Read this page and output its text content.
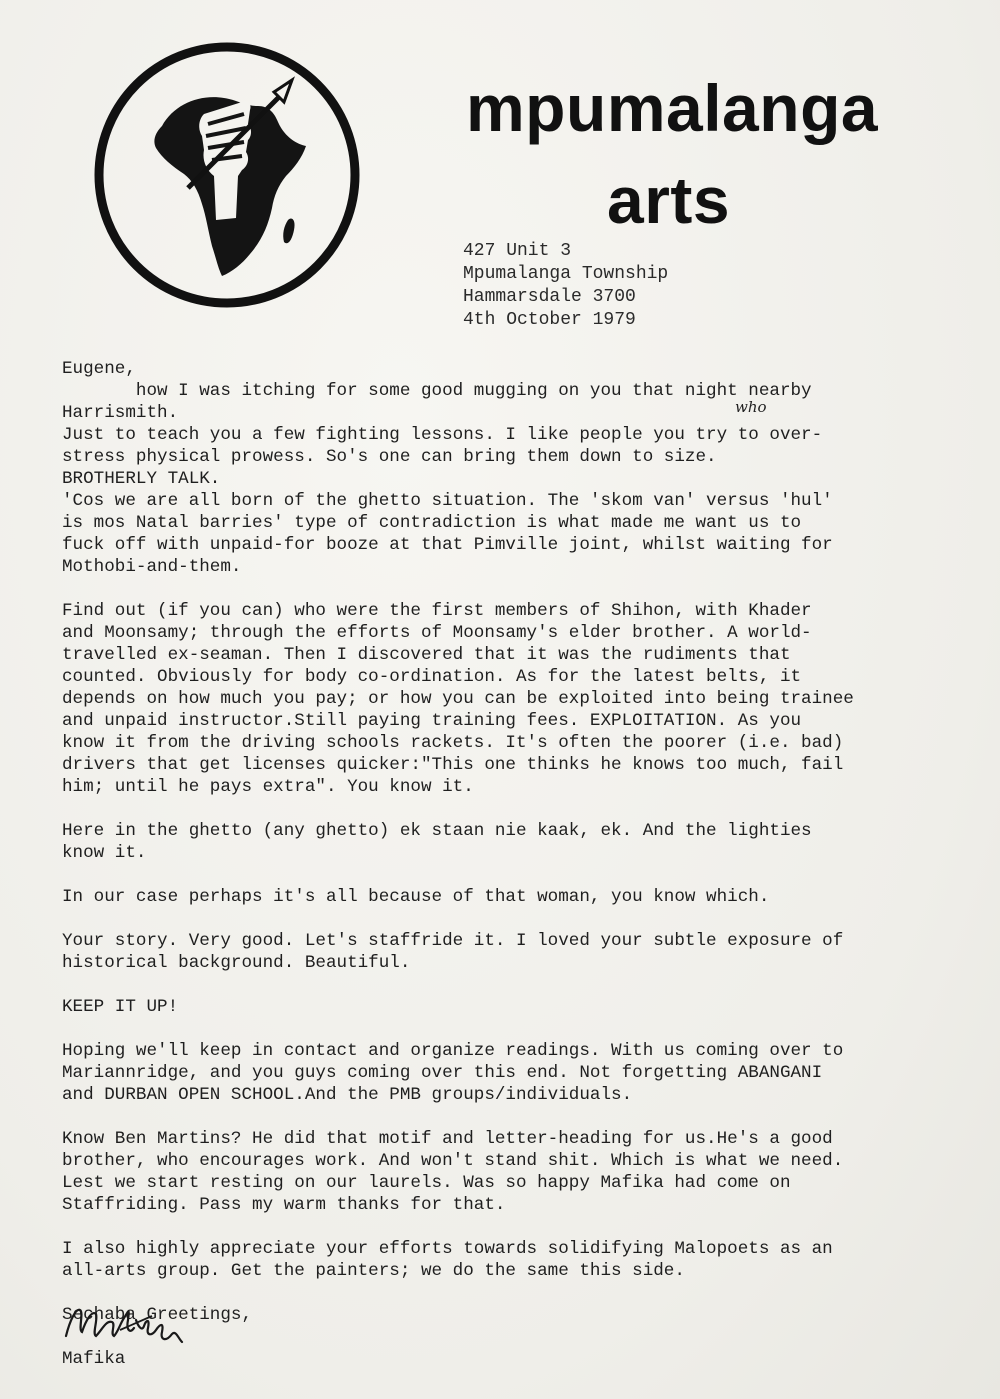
mpumalanga
arts
427 Unit 3
Mpumalanga Township
Hammarsdale 3700
4th October 1979
who

Eugene,

how I was itching for some good mugging on you that night nearby
Harrismith.
Just to teach you a few fighting lessons. I like people you try to over-
stress physical prowess. So's one can bring them down to size.
BROTHERLY TALK.
'Cos we are all born of the ghetto situation. The 'skom van' versus 'hul'
is mos Natal barries' type of contradiction is what made me want us to
fuck off with unpaid-for booze at that Pimville joint, whilst waiting for
Mothobi-and-them.

Find out (if you can) who were the first members of Shihon, with Khader
and Moonsamy; through the efforts of Moonsamy's elder brother. A world-
travelled ex-seaman. Then I discovered that it was the rudiments that
counted. Obviously for body co-ordination. As for the latest belts, it
depends on how much you pay; or how you can be exploited into being trainee
and unpaid instructor.Still paying training fees. EXPLOITATION. As you
know it from the driving schools rackets. It's often the poorer (i.e. bad)
drivers that get licenses quicker:"This one thinks he knows too much, fail
him; until he pays extra". You know it.

Here in the ghetto (any ghetto) ek staan nie kaak, ek. And the lighties
know it.

In our case perhaps it's all because of that woman, you know which.

Your story. Very good. Let's staffride it. I loved your subtle exposure of
historical background. Beautiful.

KEEP IT UP!

Hoping we'll keep in contact and organize readings. With us coming over to
Mariannridge, and you guys coming over this end. Not forgetting ABANGANI
and DURBAN OPEN SCHOOL.And the PMB groups/individuals.

Know Ben Martins? He did that motif and letter-heading for us.He's a good
brother, who encourages work. And won't stand shit. Which is what we need.
Lest we start resting on our laurels. Was so happy Mafika had come on
Staffriding. Pass my warm thanks for that.

I also highly appreciate your efforts towards solidifying Malopoets as an
all-arts group. Get the painters; we do the same this side.

Sechaba Greetings,

Mafika
